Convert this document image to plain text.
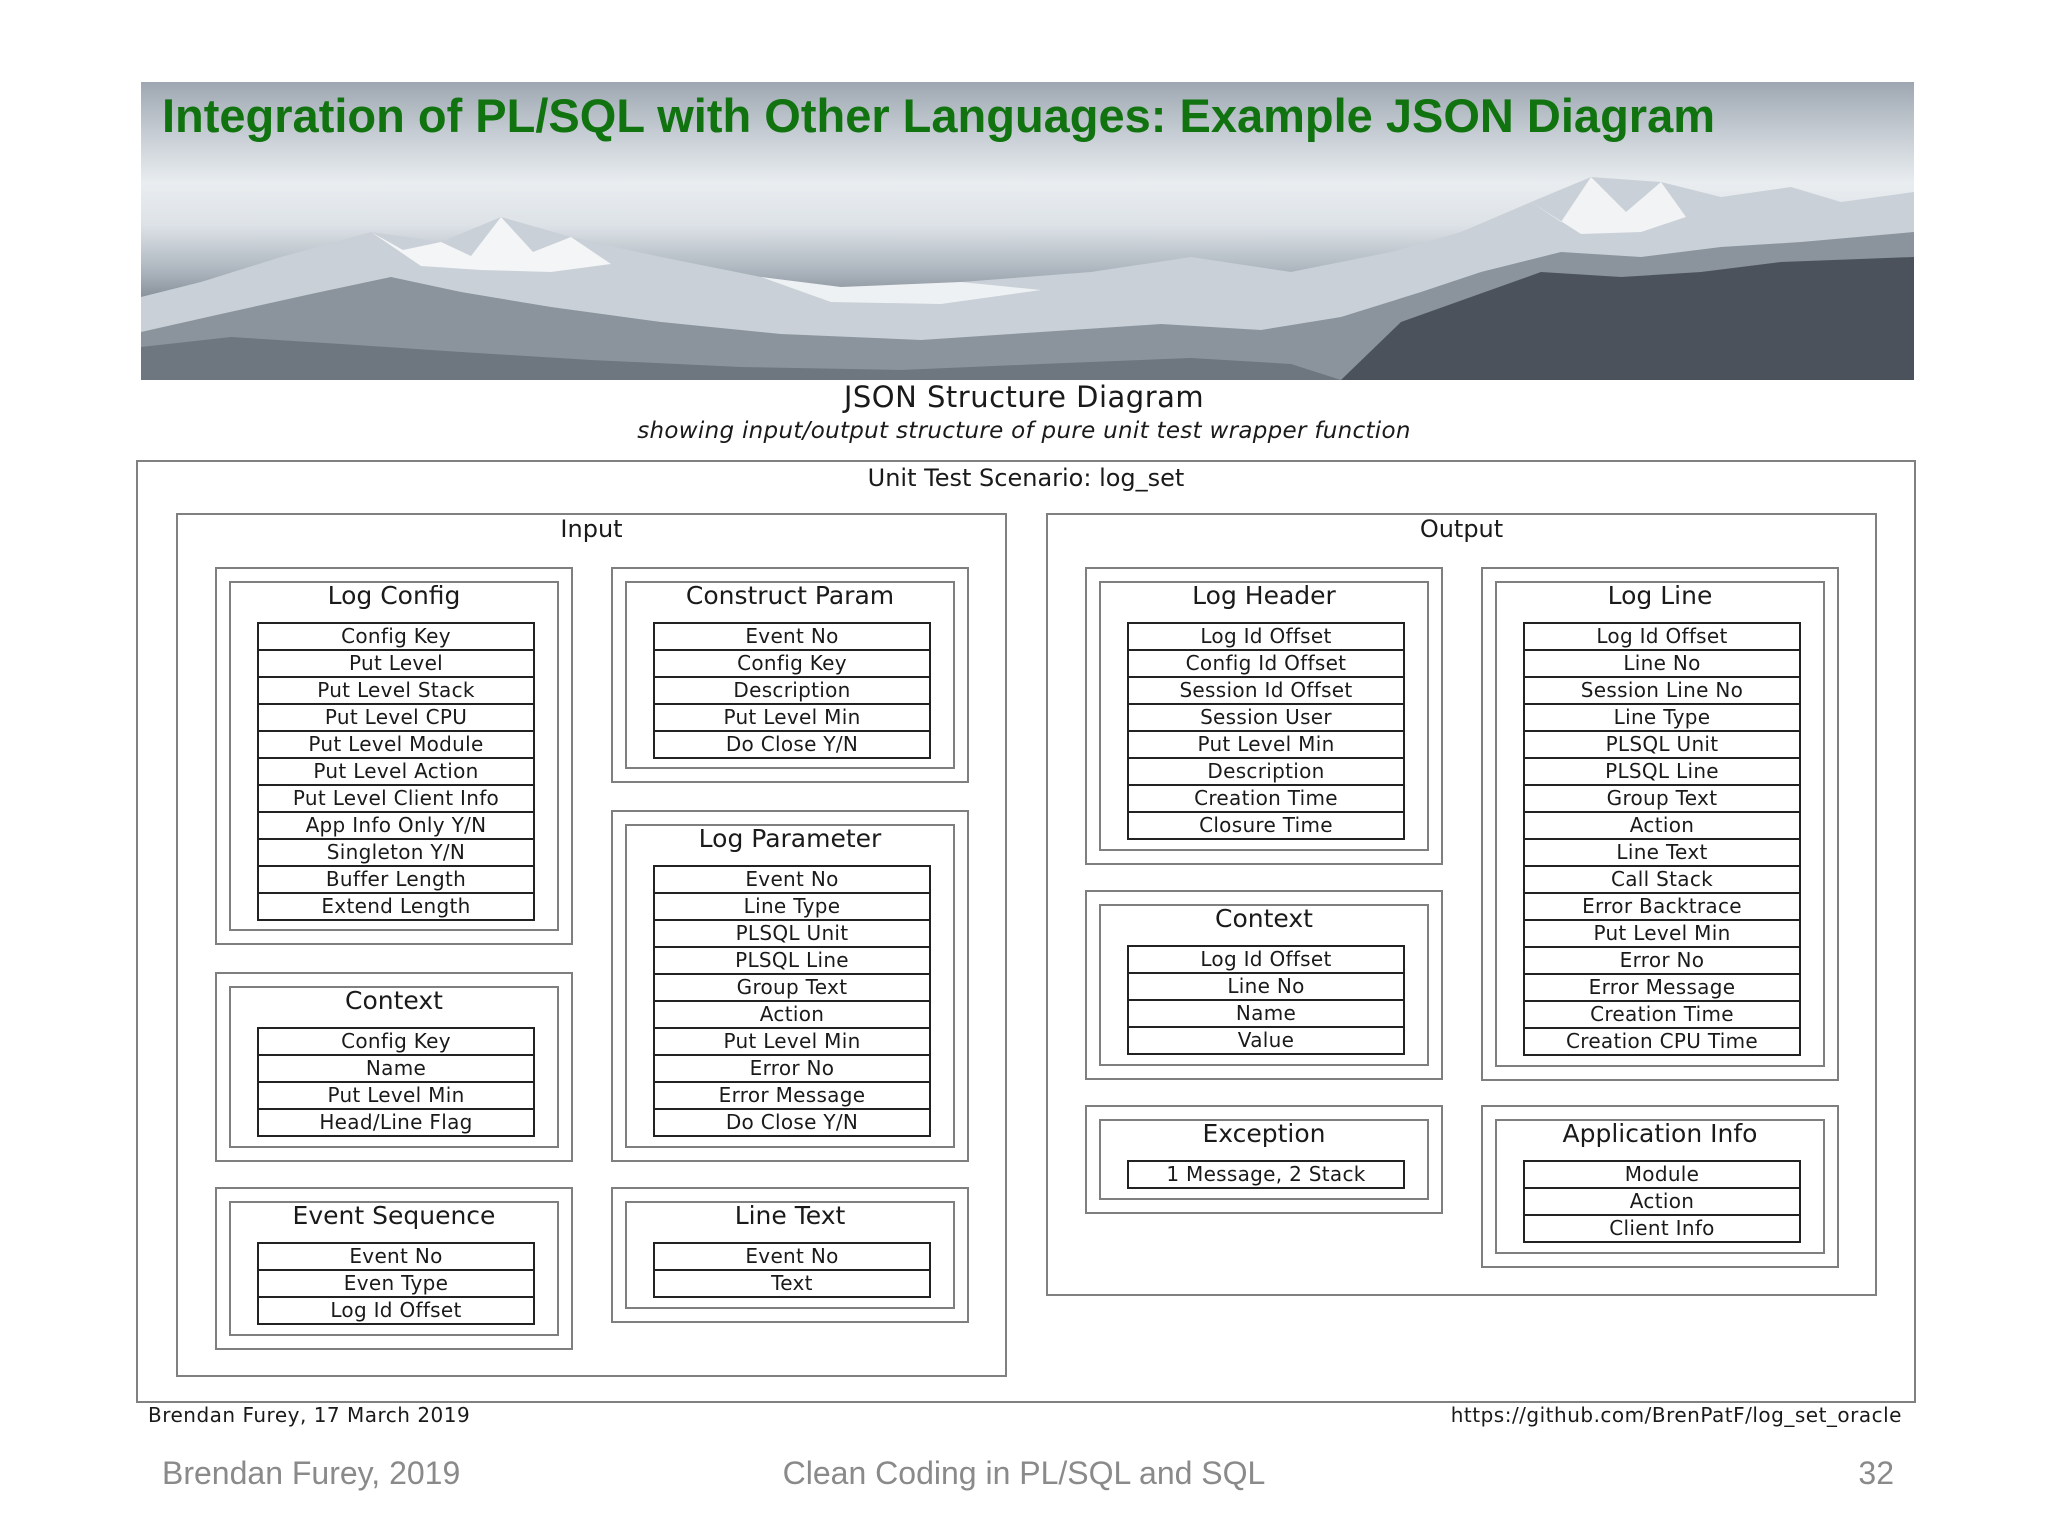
Integration of PL/SQL with Other Languages: Example JSON Diagram
JSON Structure Diagram
showing input/output structure of pure unit test wrapper function
Unit Test Scenario: log_set
Input	Output
Log Config
Config Key
Put Level
Put Level Stack
Put Level CPU
Put Level Module
Put Level Action
Put Level Client Info
App Info Only Y/N
Singleton Y/N
Buffer Length
Extend Length
Construct Param
Event No
Config Key
Description
Put Level Min
Do Close Y/N
Log Parameter
Event No
Line Type
PLSQL Unit
PLSQL Line
Group Text
Action
Put Level Min
Error No
Error Message
Do Close Y/N
Context
Config Key
Name
Put Level Min
Head/Line Flag
Event Sequence
Event No
Even Type
Log Id Offset
Line Text
Event No
Text
Log Header
Log Id Offset
Config Id Offset
Session Id Offset
Session User
Put Level Min
Description
Creation Time
Closure Time
Log Line
Log Id Offset
Line No
Session Line No
Line Type
PLSQL Unit
PLSQL Line
Group Text
Action
Line Text
Call Stack
Error Backtrace
Put Level Min
Error No
Error Message
Creation Time
Creation CPU Time
Context
Log Id Offset
Line No
Name
Value
Exception
1 Message, 2 Stack
Application Info
Module
Action
Client Info
Brendan Furey, 17 March 2019	https://github.com/BrenPatF/log_set_oracle
Brendan Furey, 2019	Clean Coding in PL/SQL and SQL	32
